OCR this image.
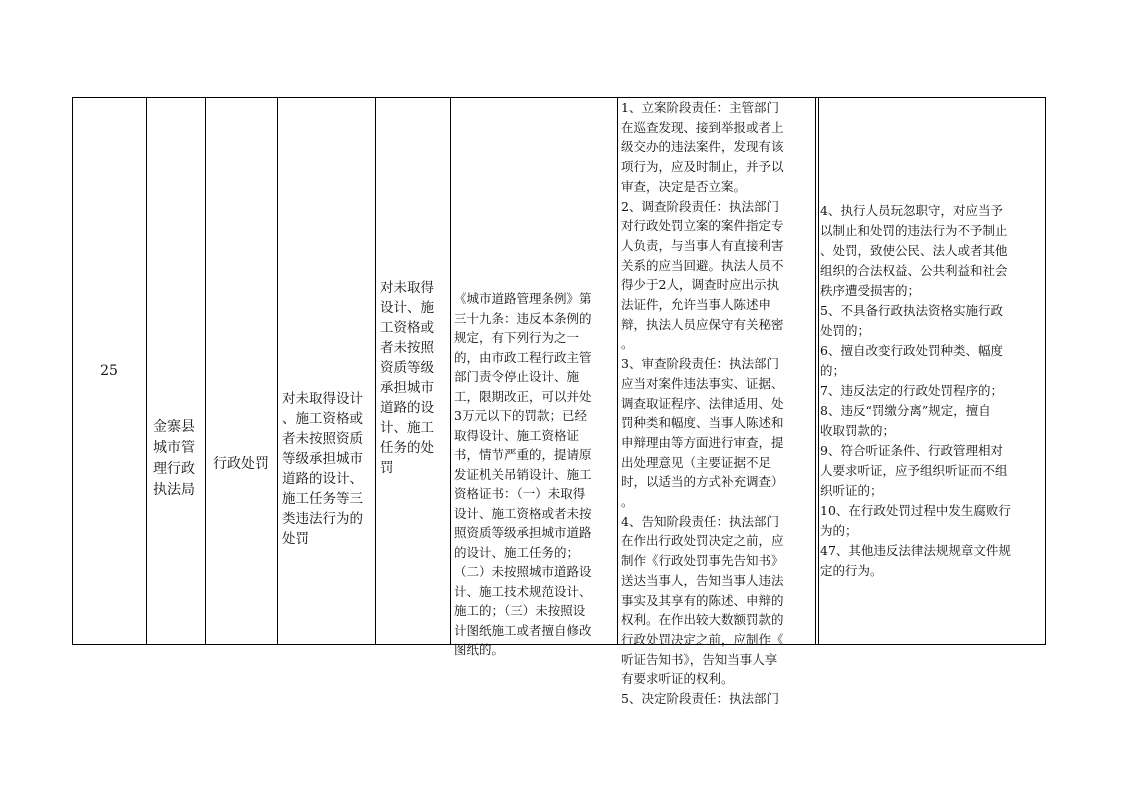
25
金寨县
城市管
理行政
执法局
行政处罚
对未取得设计
、施工资格或
者未按照资质
等级承担城市
道路的设计、
施工任务等三
类违法行为的
处罚
对未取得
设计、施
工资格或
者未按照
资质等级
承担城市
道路的设
计、施工
任务的处
罚
《城市道路管理条例》第
三十九条：违反本条例的
规定，有下列行为之一
的，由市政工程行政主管
部门责令停止设计、施
工，限期改正，可以并处
3万元以下的罚款；已经
取得设计、施工资格证
书，情节严重的，提请原
发证机关吊销设计、施工
资格证书：（一）未取得
设计、施工资格或者未按
照资质等级承担城市道路
的设计、施工任务的；
（二）未按照城市道路设
计、施工技术规范设计、
施工的；（三）未按照设
计图纸施工或者擅自修改
图纸的。
1、立案阶段责任：主管部门
在巡查发现、接到举报或者上
级交办的违法案件，发现有该
项行为，应及时制止，并予以
审查，决定是否立案。
2、调查阶段责任：执法部门
对行政处罚立案的案件指定专
人负责，与当事人有直接利害
关系的应当回避。执法人员不
得少于2人，调查时应出示执
法证件，允许当事人陈述申
辩，执法人员应保守有关秘密
。
3、审查阶段责任：执法部门
应当对案件违法事实、证据、
调查取证程序、法律适用、处
罚种类和幅度、当事人陈述和
申辩理由等方面进行审查，提
出处理意见（主要证据不足
时，以适当的方式补充调查）
。
4、告知阶段责任：执法部门
在作出行政处罚决定之前，应
制作《行政处罚事先告知书》
送达当事人，告知当事人违法
事实及其享有的陈述、申辩的
权利。在作出较大数额罚款的
行政处罚决定之前，应制作《
听证告知书》，告知当事人享
有要求听证的权利。
5、决定阶段责任：执法部门
4、执行人员玩忽职守，对应当予
以制止和处罚的违法行为不予制止
、处罚，致使公民、法人或者其他
组织的合法权益、公共利益和社会
秩序遭受损害的；
5、不具备行政执法资格实施行政
处罚的；
6、擅自改变行政处罚种类、幅度
的；
7、违反法定的行政处罚程序的；
8、违反“罚缴分离”规定，擅自
收取罚款的；
9、符合听证条件、行政管理相对
人要求听证，应予组织听证而不组
织听证的；
10、在行政处罚过程中发生腐败行
为的；
47、其他违反法律法规规章文件规
定的行为。
